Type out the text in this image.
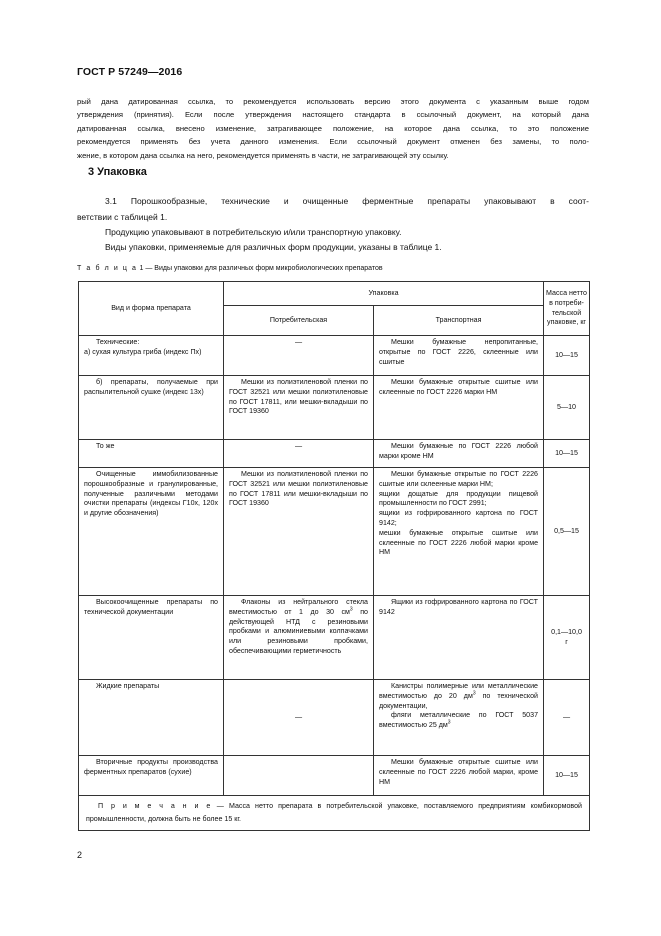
ГОСТ Р 57249—2016
рый дана датированная ссылка, то рекомендуется использовать версию этого документа с указанным выше годом
утверждения (принятия). Если после утверждения настоящего стандарта в ссылочный документ, на который дана
датированная ссылка, внесено изменение, затрагивающее положение, на которое дана ссылка, то это положение
рекомендуется применять без учета данного изменения. Если ссылочный документ отменен без замены, то поло-
жение, в котором дана ссылка на него, рекомендуется применять в части, не затрагивающей эту ссылку.
3 Упаковка
3.1 Порошкообразные, технические и очищенные ферментные препараты упаковывают в соот-
ветствии с таблицей 1.
Продукцию упаковывают в потребительскую и/или транспортную упаковку.
Виды упаковки, применяемые для различных форм продукции, указаны в таблице 1.
Т а б л и ц а 1 — Виды упаковки для различных форм микробиологических препаратов
Вид и форма препарата	Упаковка		Масса нетто в потреби-тельской упаковке, кг
	Потребительская	Транспортная	
Технические:
а) сухая культура гриба (индекс Пх)	—	Мешки бумажные непропитанные, открытые по ГОСТ 2226, склеенные или сшитые	10—15
б) препараты, получаемые при распылительной сушке (индекс 13х)	Мешки из полиэтиленовой пленки по ГОСТ 32521 или мешки полиэтиленовые по ГОСТ 17811, или мешки-вкладыши по ГОСТ 19360	Мешки бумажные открытые сшитые или склеенные по ГОСТ 2226 марки НМ	5—10
То же	—	Мешки бумажные по ГОСТ 2226 любой марки кроме НМ	10—15
Очищенные иммобилизованные порошкообразные и гранулированные, полученные различными методами очистки препараты (индексы Г10х, 120х и другие обозначения)	Мешки из полиэтиленовой пленки по ГОСТ 32521 или мешки полиэтиленовые по ГОСТ 17811 или мешки-вкладыши по ГОСТ 19360	Мешки бумажные открытые по ГОСТ 2226 сшитые или склеенные марки НМ;
ящики дощатые для продукции пищевой промышленности по ГОСТ 2991;
ящики из гофрированного картона по ГОСТ 9142;
мешки бумажные открытые сшитые или склеенные по ГОСТ 2226 любой марки кроме НМ	0,5—15
Высокоочищенные препараты по технической документации	Флаконы из нейтрального стекла вместимостью от 1 до 30 $см^3$ по действующей НТД с резиновыми пробками и алюминиевыми колпачками или резиновыми пробками, обеспечивающими герметичность	Ящики из гофрированного картона по ГОСТ 9142	0,1—10,0 г
Жидкие препараты	—	Канистры полимерные или металлические вместимостью до 20 $дм^3$ по технической документации,
фляги металлические по ГОСТ 5037 вместимостью 25 $дм^3$	—
Вторичные продукты производства ферментных препаратов (сухие)		Мешки бумажные открытые сшитые или склеенные по ГОСТ 2226 любой марки, кроме НМ	10—15
П р и м е ч а н и е — Масса нетто препарата в потребительской упаковке, поставляемого предприятиям комбикормовой промышленности, должна быть не более 15 кг.			
2
